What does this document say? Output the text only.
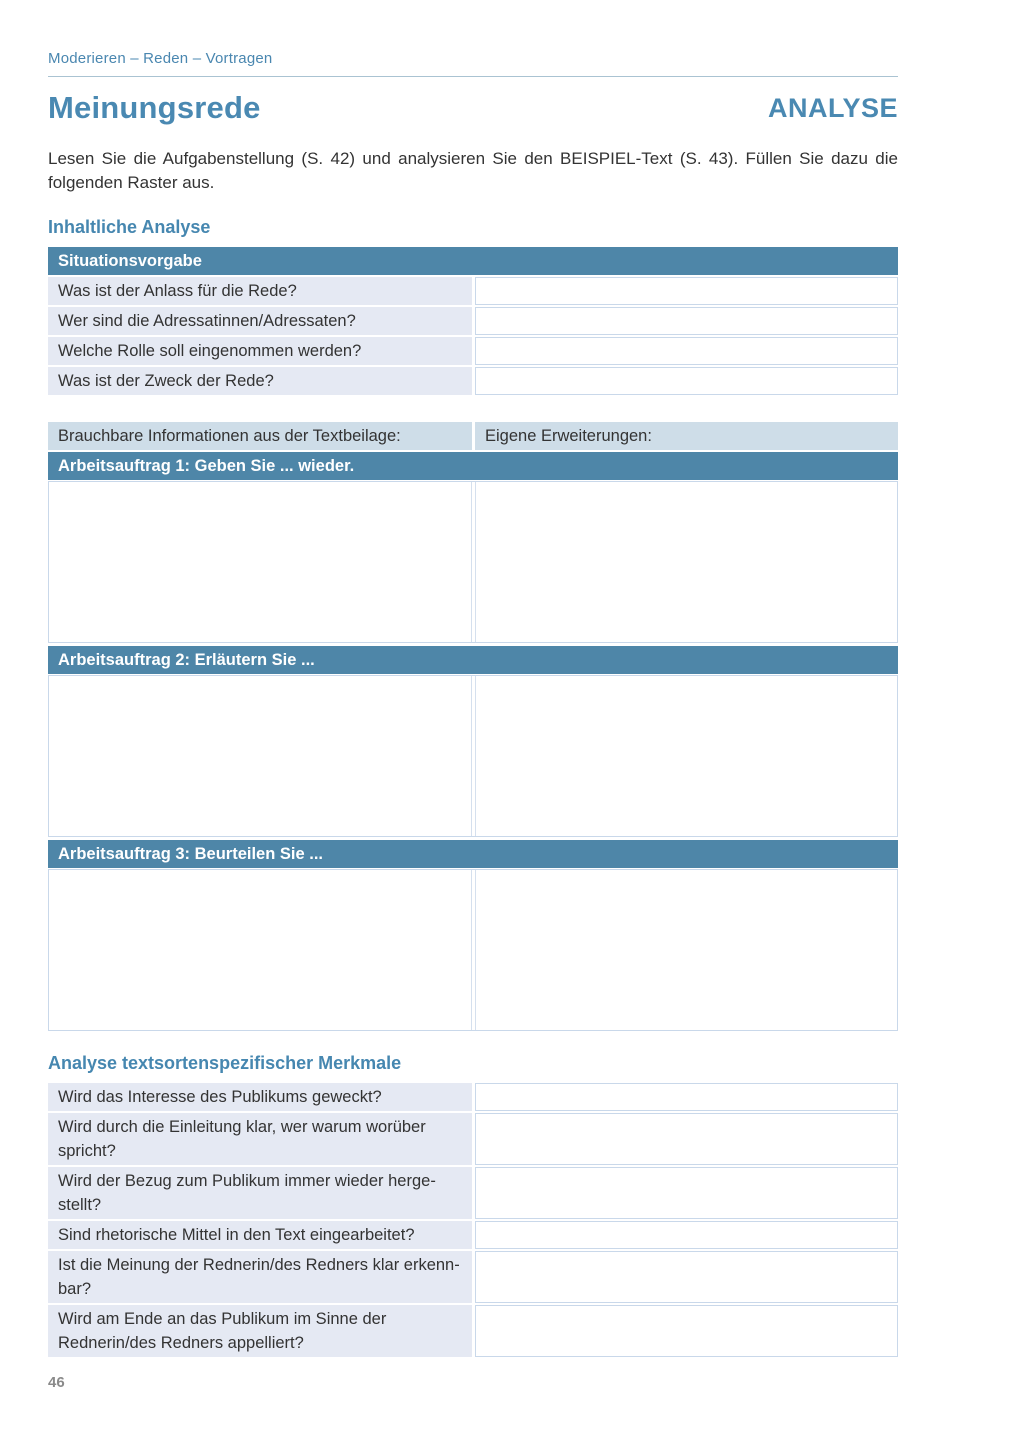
Moderieren – Reden – Vortragen
Meinungsrede	ANALYSE

Lesen Sie die Aufgabenstellung (S. 42) und analysieren Sie den BEISPIEL-Text (S. 43). Füllen Sie dazu die folgenden Raster aus.

Inhaltliche Analyse
Situationsvorgabe
Was ist der Anlass für die Rede?
Wer sind die Adressatinnen/Adressaten?
Welche Rolle soll eingenommen werden?
Was ist der Zweck der Rede?
Brauchbare Informationen aus der Textbeilage:	Eigene Erweiterungen:
Arbeitsauftrag 1: Geben Sie ... wieder.
Arbeitsauftrag 2: Erläutern Sie ...
Arbeitsauftrag 3: Beurteilen Sie ...
Analyse textsortenspezifischer Merkmale
Wird das Interesse des Publikums geweckt?
Wird durch die Einleitung klar, wer warum worüber spricht?
Wird der Bezug zum Publikum immer wieder hergestellt?
Sind rhetorische Mittel in den Text eingearbeitet?
Ist die Meinung der Rednerin/des Redners klar erkennbar?
Wird am Ende an das Publikum im Sinne der Rednerin/des Redners appelliert?
46
